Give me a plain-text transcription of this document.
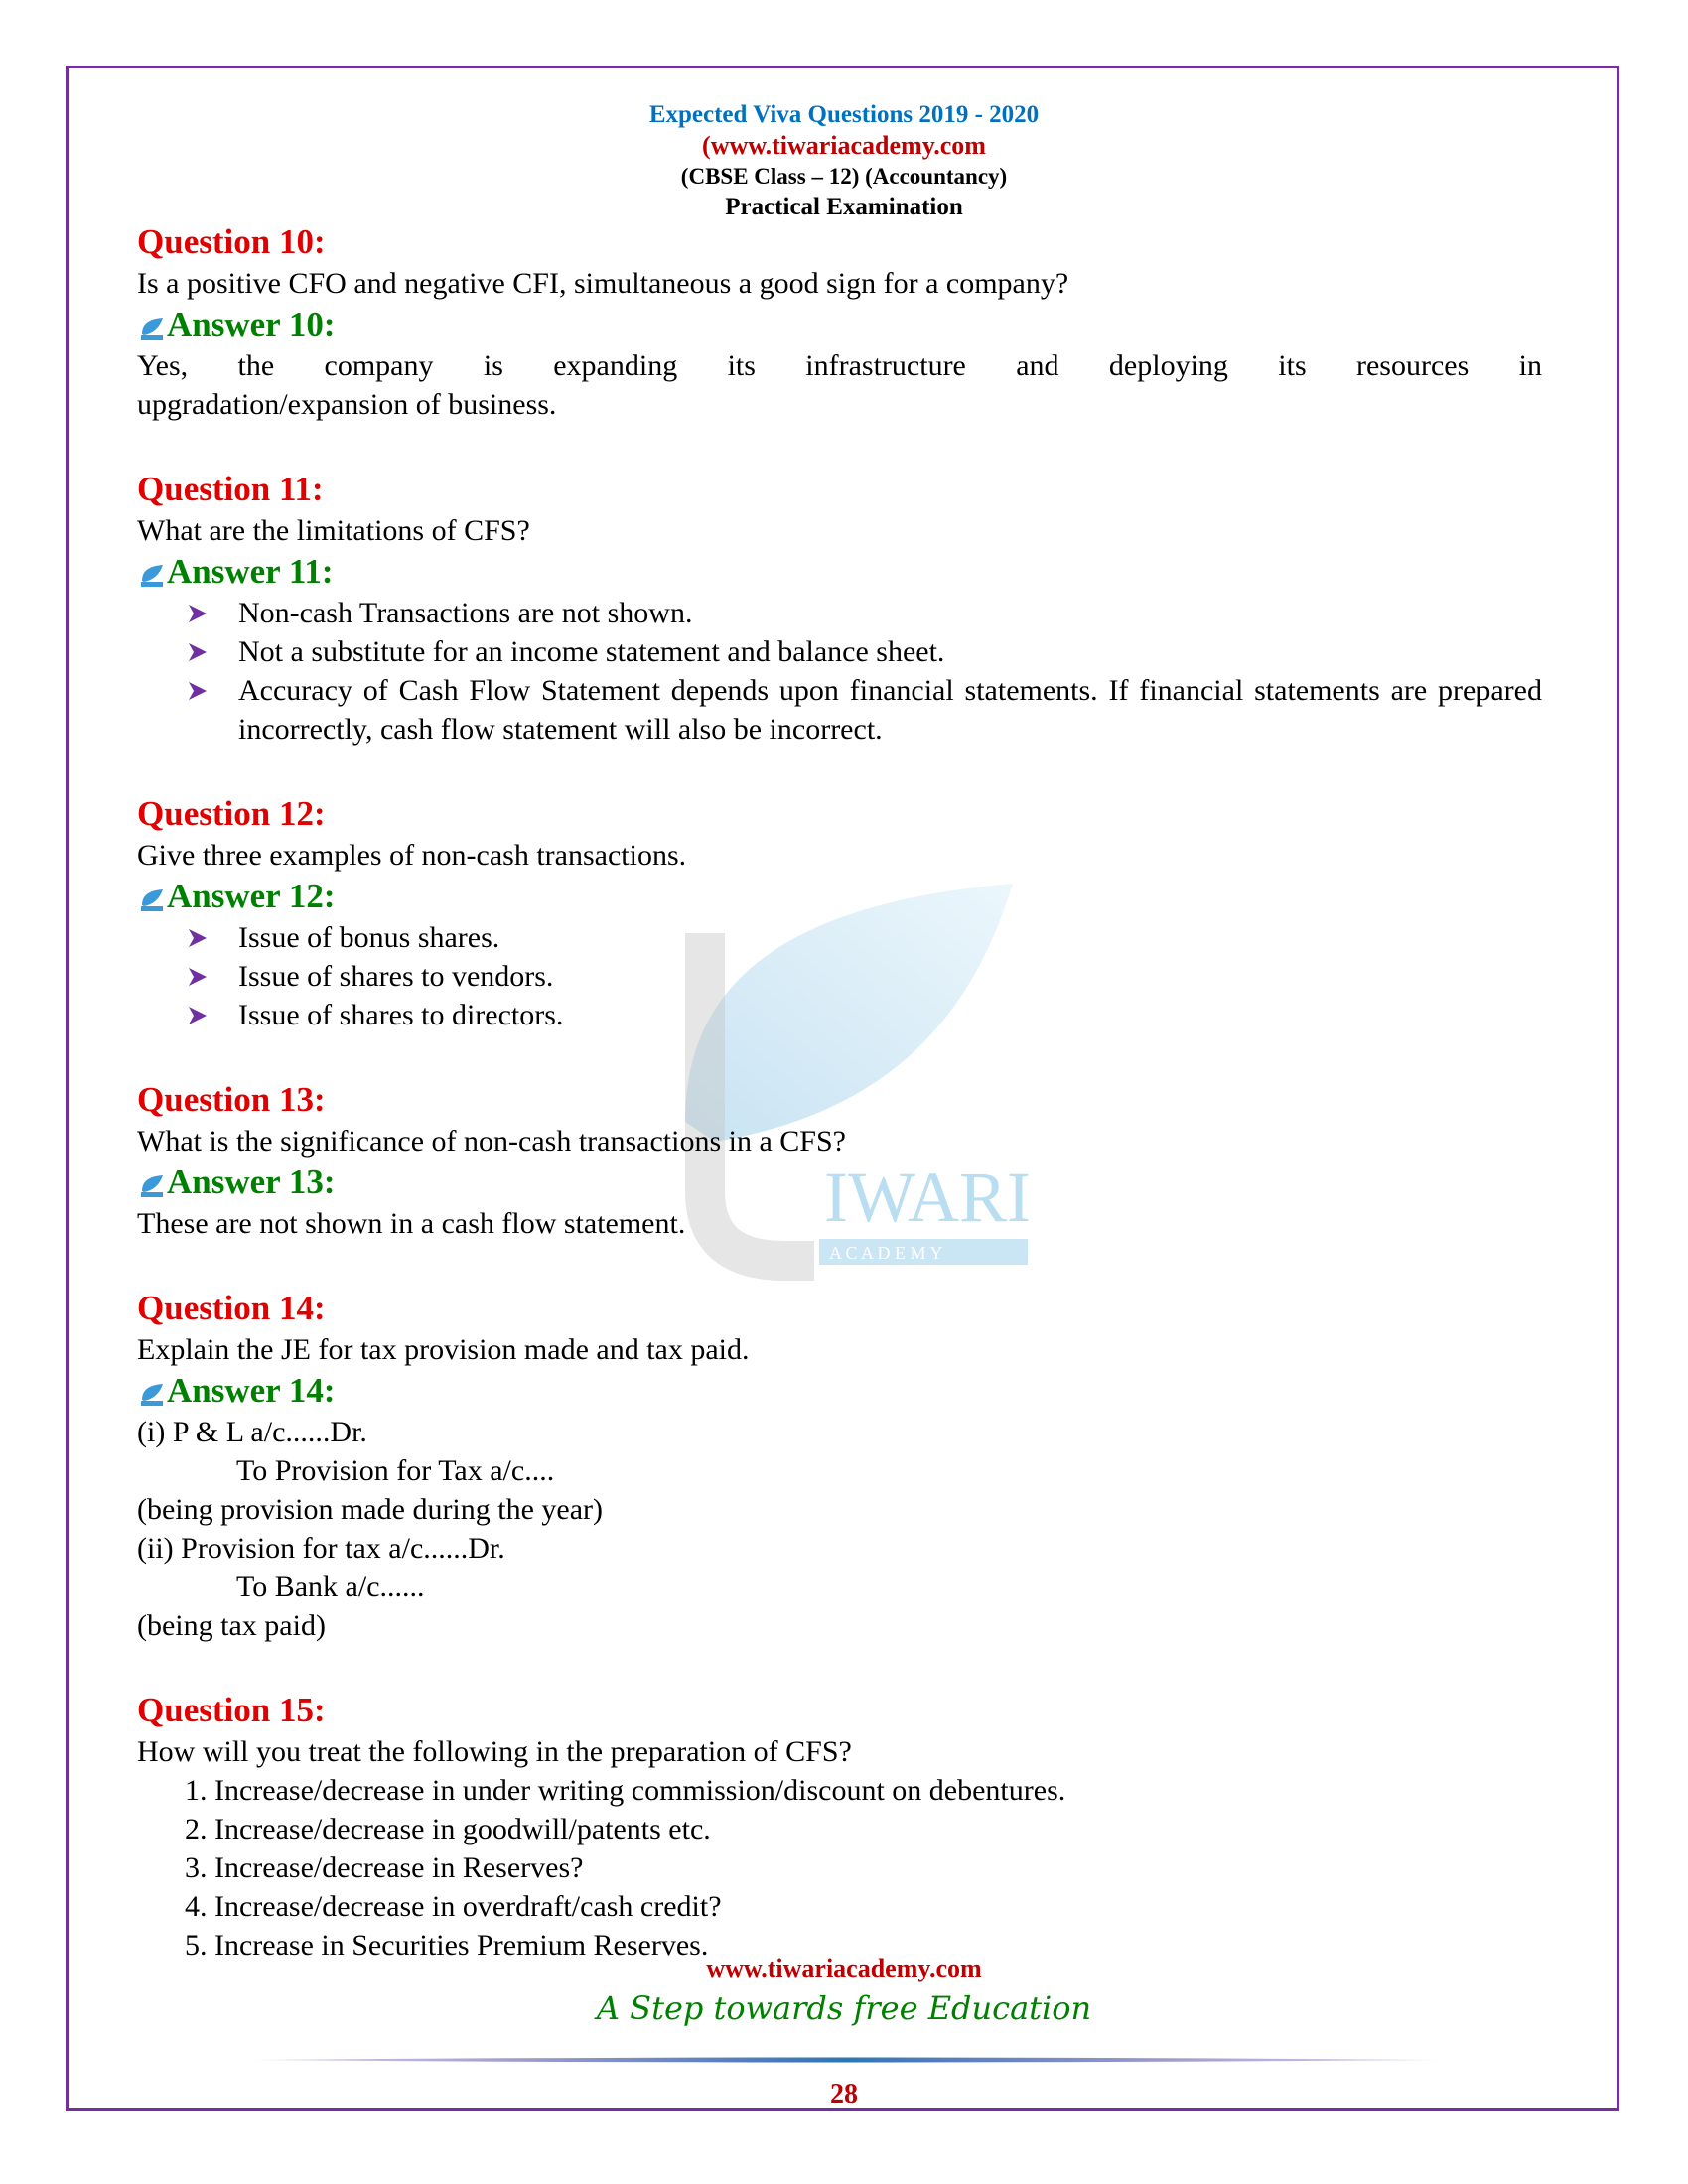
IWARI
A C A D E M Y
Expected Viva Questions 2019 - 2020
(www.tiwariacademy.com
(CBSE Class – 12) (Accountancy)
Practical Examination
Question 10:
Is a positive CFO and negative CFI, simultaneous a good sign for a company?
Answer 10:
Yes, the company is expanding its infrastructure and deploying its resources in
upgradation/expansion of business.
Question 11:
What are the limitations of CFS?
Answer 11:
Non-cash Transactions are not shown.
Not a substitute for an income statement and balance sheet.
Accuracy of Cash Flow Statement depends upon financial statements. If financial statements are prepared incorrectly, cash flow statement will also be incorrect.
Question 12:
Give three examples of non-cash transactions.
Answer 12:
Issue of bonus shares.
Issue of shares to vendors.
Issue of shares to directors.
Question 13:
What is the significance of non-cash transactions in a CFS?
Answer 13:
These are not shown in a cash flow statement.
Question 14:
Explain the JE for tax provision made and tax paid.
Answer 14:
(i) P & L a/c......Dr.
To Provision for Tax a/c....
(being provision made during the year)
(ii) Provision for tax a/c......Dr.
To Bank a/c......
(being tax paid)
Question 15:
How will you treat the following in the preparation of CFS?
1. Increase/decrease in under writing commission/discount on debentures.
2. Increase/decrease in goodwill/patents etc.
3. Increase/decrease in Reserves?
4. Increase/decrease in overdraft/cash credit?
5. Increase in Securities Premium Reserves.
www.tiwariacademy.com
A Step towards free Education
28
